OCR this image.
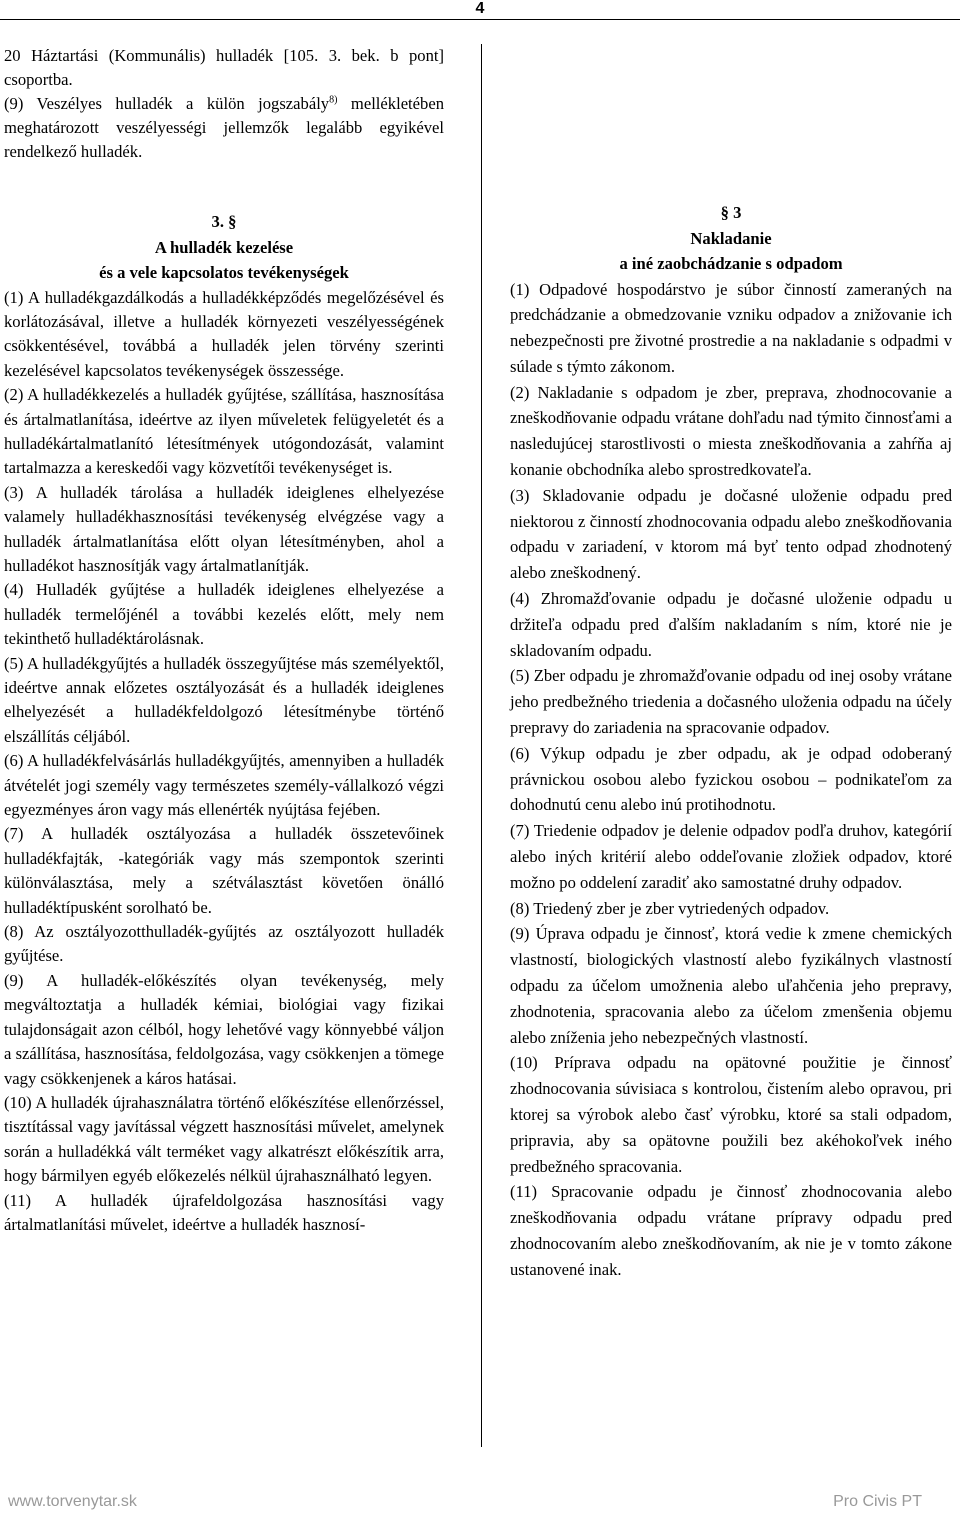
4

20 Háztartási (Kommunális) hulladék [105. 3. bek. b pont] csoportba.

(9) Veszélyes hulladék a külön jogszabály$^{8)}$ mellékletében meghatározott veszélyességi jellemzők legalább egyikével rendelkező hulladék.

3. §
A hulladék kezelése
és a vele kapcsolatos tevékenységek

(1) A hulladékgazdálkodás a hulladékképződés megelőzésével és korlátozásával, illetve a hulladék környezeti veszélyességének csökkentésével, továbbá a hulladék jelen törvény szerinti kezelésével kapcsolatos tevékenységek összessége.

(2) A hulladékkezelés a hulladék gyűjtése, szállítása, hasznosítása és ártalmatlanítása, ideértve az ilyen műveletek felügyeletét és a hulladékártalmatlanító létesítmények utógondozását, valamint tartalmazza a kereskedői vagy közvetítői tevékenységet is.

(3) A hulladék tárolása a hulladék ideiglenes elhelyezése valamely hulladékhasznosítási tevékenység elvégzése vagy a hulladék ártalmatlanítása előtt olyan létesítményben, ahol a hulladékot hasznosítják vagy ártalmatlanítják.

(4) Hulladék gyűjtése a hulladék ideiglenes elhelyezése a hulladék termelőjénél a további kezelés előtt, mely nem tekinthető hulladéktárolásnak.

(5) A hulladékgyűjtés a hulladék összegyűjtése más személyektől, ideértve annak előzetes osztályozását és a hulladék ideiglenes elhelyezését a hulladékfeldolgozó létesítménybe történő elszállítás céljából.

(6) A hulladékfelvásárlás hulladékgyűjtés, amennyiben a hulladék átvételét jogi személy vagy természetes személy-vállalkozó végzi egyezményes áron vagy más ellenérték nyújtása fejében.

(7) A hulladék osztályozása a hulladék összetevőinek hulladékfajták, -kategóriák vagy más szempontok szerinti különválasztása, mely a szétválasztást követően önálló hulladéktípusként sorolható be.

(8) Az osztályozotthulladék-gyűjtés az osztályozott hulladék gyűjtése.

(9) A hulladék-előkészítés olyan tevékenység, mely megváltoztatja a hulladék kémiai, biológiai vagy fizikai tulajdonságait azon célból, hogy lehetővé vagy könnyebbé váljon a szállítása, hasznosítása, feldolgozása, vagy csökkenjen a tömege vagy csökkenjenek a káros hatásai.

(10) A hulladék újrahasználatra történő előkészítése ellenőrzéssel, tisztítással vagy javítással végzett hasznosítási művelet, amelynek során a hulladékká vált terméket vagy alkatrészt előkészítik arra, hogy bármilyen egyéb előkezelés nélkül újrahasználható legyen.

(11) A hulladék újrafeldolgozása hasznosítási vagy ártalmatlanítási művelet, ideértve a hulladék hasznosí-

§ 3
Nakladanie
a iné zaobchádzanie s odpadom

(1) Odpadové hospodárstvo je súbor činností zameraných na predchádzanie a obmedzovanie vzniku odpadov a znižovanie ich nebezpečnosti pre životné prostredie a na nakladanie s odpadmi v súlade s týmto zákonom.

(2) Nakladanie s odpadom je zber, preprava, zhodnocovanie a zneškodňovanie odpadu vrátane dohľadu nad týmito činnosťami a nasledujúcej starostlivosti o miesta zneškodňovania a zahŕňa aj konanie obchodníka alebo sprostredkovateľa.

(3) Skladovanie odpadu je dočasné uloženie odpadu pred niektorou z činností zhodnocovania odpadu alebo zneškodňovania odpadu v zariadení, v ktorom má byť tento odpad zhodnotený alebo zneškodnený.

(4) Zhromažďovanie odpadu je dočasné uloženie odpadu u držiteľa odpadu pred ďalším nakladaním s ním, ktoré nie je skladovaním odpadu.

(5) Zber odpadu je zhromažďovanie odpadu od inej osoby vrátane jeho predbežného triedenia a dočasného uloženia odpadu na účely prepravy do zariadenia na spracovanie odpadov.

(6) Výkup odpadu je zber odpadu, ak je odpad odoberaný právnickou osobou alebo fyzickou osobou – podnikateľom za dohodnutú cenu alebo inú protihodnotu.

(7) Triedenie odpadov je delenie odpadov podľa druhov, kategórií alebo iných kritérií alebo oddeľovanie zložiek odpadov, ktoré možno po oddelení zaradiť ako samostatné druhy odpadov.

(8) Triedený zber je zber vytriedených odpadov.

(9) Úprava odpadu je činnosť, ktorá vedie k zmene chemických vlastností, biologických vlastností alebo fyzikálnych vlastností odpadu za účelom umožnenia alebo uľahčenia jeho prepravy, zhodnotenia, spracovania alebo za účelom zmenšenia objemu alebo zníženia jeho nebezpečných vlastností.

(10) Príprava odpadu na opätovné použitie je činnosť zhodnocovania súvisiaca s kontrolou, čistením alebo opravou, pri ktorej sa výrobok alebo časť výrobku, ktoré sa stali odpadom, pripravia, aby sa opätovne použili bez akéhokoľvek iného predbežného spracovania.

(11) Spracovanie odpadu je činnosť zhodnocovania alebo zneškodňovania odpadu vrátane prípravy odpadu pred zhodnocovaním alebo zneškodňovaním, ak nie je v tomto zákone ustanovené inak.

www.torvenytar.sk	Pro Civis PT
